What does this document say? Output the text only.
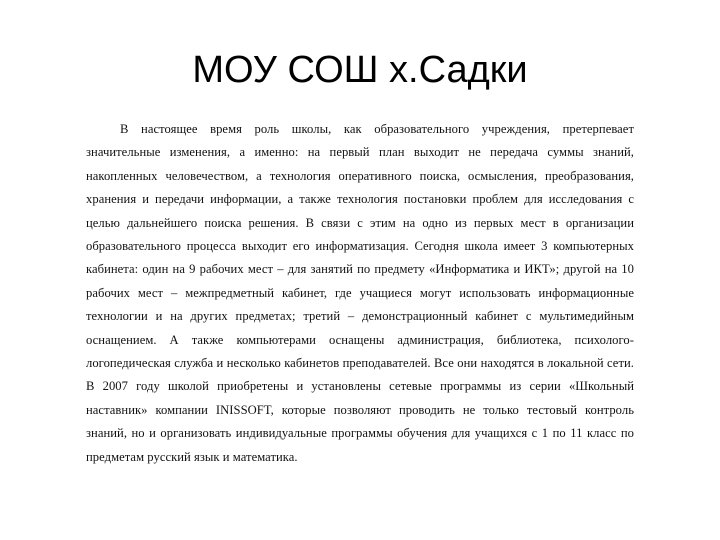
МОУ СОШ х.Садки

В настоящее время роль школы, как образовательного учреждения, претерпевает значительные изменения, а именно: на первый план выходит не передача суммы знаний, накопленных человечеством, а технология оперативного поиска, осмысления, преобразования, хранения и передачи информации, а также технология постановки проблем для исследования с целью дальнейшего поиска решения. В связи с этим на одно из первых мест в организации образовательного процесса выходит его информатизация. Сегодня школа имеет 3 компьютерных кабинета: один на 9 рабочих мест – для занятий по предмету «Информатика и ИКТ»; другой на 10 рабочих мест – межпредметный кабинет, где учащиеся могут использовать информационные технологии и на других предметах; третий – демонстрационный кабинет с мультимедийным оснащением. А также компьютерами оснащены администрация, библиотека, психолого-логопедическая служба и несколько кабинетов преподавателей. Все они находятся в локальной сети. В 2007 году школой приобретены и установлены сетевые программы из серии «Школьный наставник» компании INISSOFT, которые позволяют проводить не только тестовый контроль знаний, но и организовать индивидуальные программы обучения для учащихся с 1 по 11 класс по предметам русский язык и математика.
